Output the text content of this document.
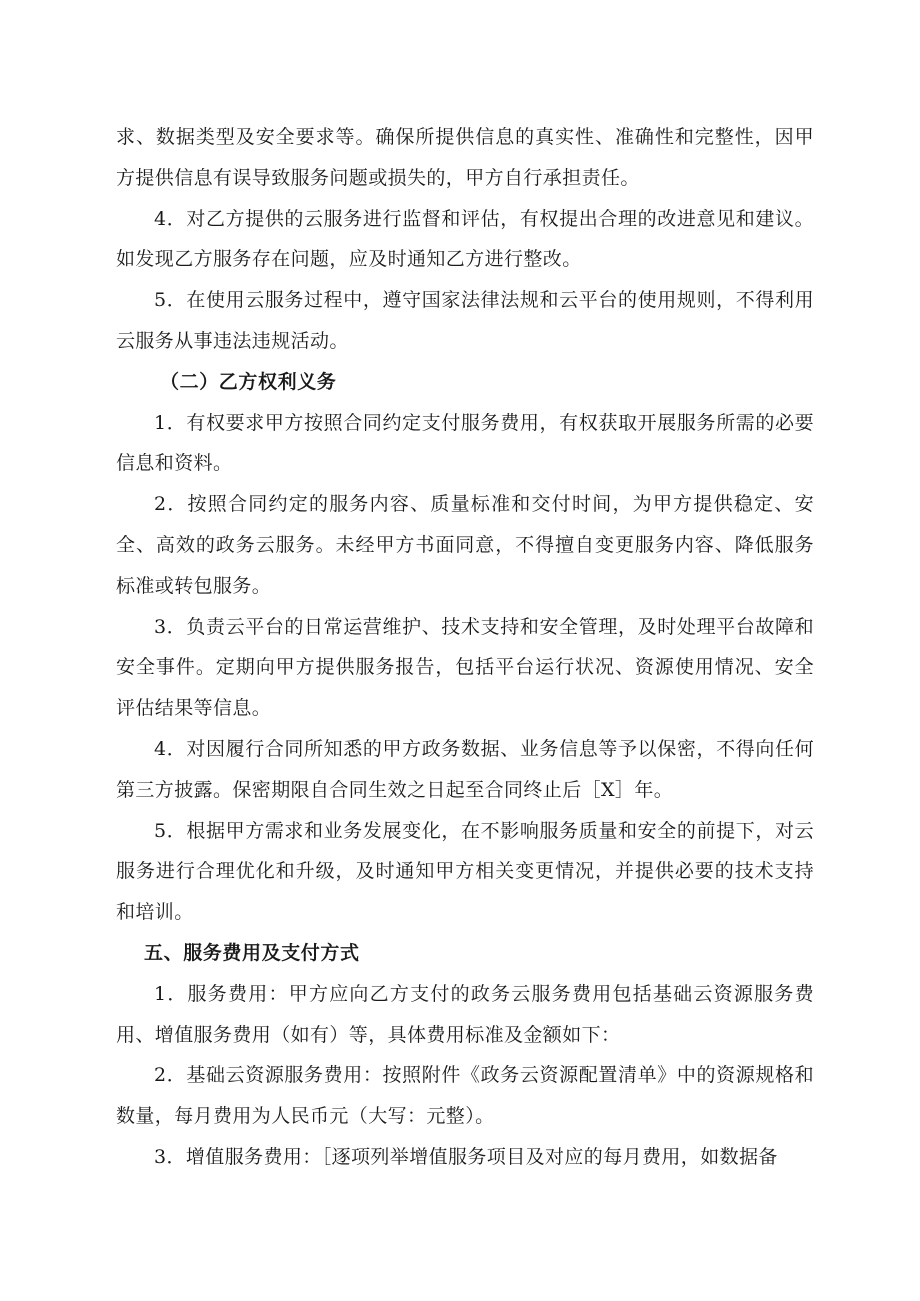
求、数据类型及安全要求等。确保所提供信息的真实性、准确性和完整性，因甲方提供信息有误导致服务问题或损失的，甲方自行承担责任。

4．对乙方提供的云服务进行监督和评估，有权提出合理的改进意见和建议。如发现乙方服务存在问题，应及时通知乙方进行整改。

5．在使用云服务过程中，遵守国家法律法规和云平台的使用规则，不得利用云服务从事违法违规活动。

（二）乙方权利义务

1．有权要求甲方按照合同约定支付服务费用，有权获取开展服务所需的必要信息和资料。

2．按照合同约定的服务内容、质量标准和交付时间，为甲方提供稳定、安全、高效的政务云服务。未经甲方书面同意，不得擅自变更服务内容、降低服务标准或转包服务。

3．负责云平台的日常运营维护、技术支持和安全管理，及时处理平台故障和安全事件。定期向甲方提供服务报告，包括平台运行状况、资源使用情况、安全评估结果等信息。

4．对因履行合同所知悉的甲方政务数据、业务信息等予以保密，不得向任何第三方披露。保密期限自合同生效之日起至合同终止后［X］年。

5．根据甲方需求和业务发展变化，在不影响服务质量和安全的前提下，对云服务进行合理优化和升级，及时通知甲方相关变更情况，并提供必要的技术支持和培训。

五、服务费用及支付方式

1．服务费用：甲方应向乙方支付的政务云服务费用包括基础云资源服务费用、增值服务费用（如有）等，具体费用标准及金额如下：

2．基础云资源服务费用：按照附件《政务云资源配置清单》中的资源规格和数量，每月费用为人民币元（大写：元整）。

3．增值服务费用：［逐项列举增值服务项目及对应的每月费用，如数据备
